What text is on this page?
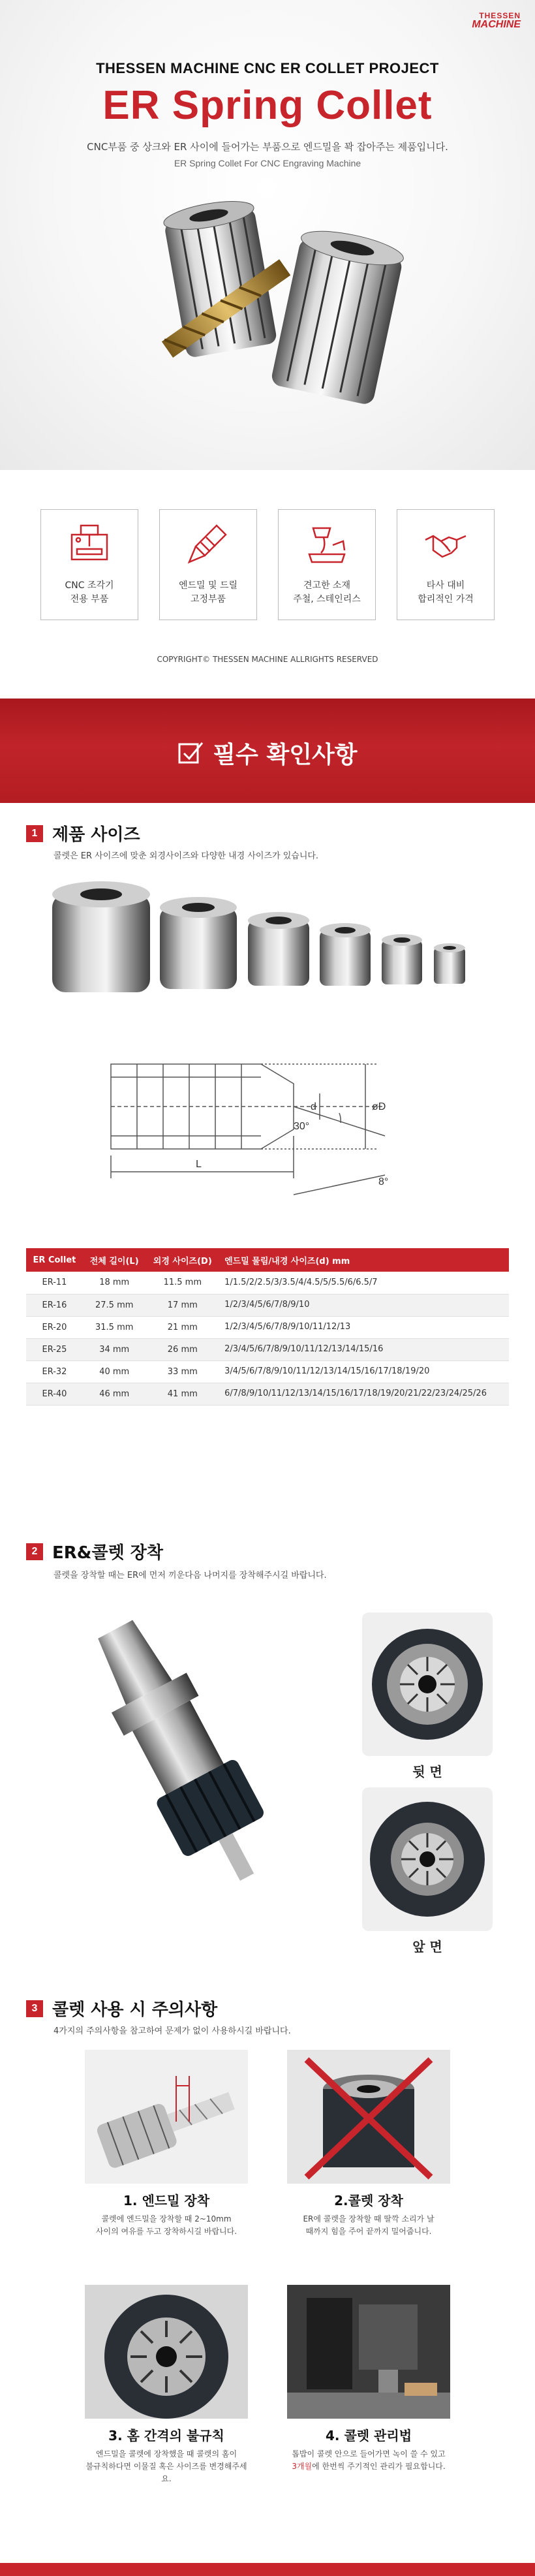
THESSEN
MACHINE
THESSEN MACHINE CNC ER COLLET PROJECT
ER Spring Collet
CNC부품 중 상크와 ER 사이에 들어가는 부품으로 엔드밀을 꽉 잡아주는 제품입니다.
ER Spring Collet For CNC Engraving Machine
CNC 조각기
전용 부품
엔드밀 및 드릴
고정부품
견고한 소재
주철, 스테인리스
타사 대비
합리적인 가격
COPYRIGHT© THESSEN MACHINE ALLRIGHTS RESERVED
필수 확인사항
1 제품 사이즈
콜렛은 ER 사이즈에 맞춘 외경사이즈와 다양한 내경 사이즈가 있습니다.
d	øD
30°
L
8°
ER Collet	전체 길이(L)	외경 사이즈(D)	엔드밀 물림/내경 사이즈(d) mm
ER-11	18 mm	11.5 mm	1/1.5/2/2.5/3/3.5/4/4.5/5/5.5/6/6.5/7
ER-16	27.5 mm	17 mm	1/2/3/4/5/6/7/8/9/10
ER-20	31.5 mm	21 mm	1/2/3/4/5/6/7/8/9/10/11/12/13
ER-25	34 mm	26 mm	2/3/4/5/6/7/8/9/10/11/12/13/14/15/16
ER-32	40 mm	33 mm	3/4/5/6/7/8/9/10/11/12/13/14/15/16/17/18/19/20
ER-40	46 mm	41 mm	6/7/8/9/10/11/12/13/14/15/16/17/18/19/20/21/22/23/24/25/26
2 ER&콜렛 장착
콜렛을 장착할 때는 ER에 먼저 끼운다음 나머지를 장착해주시길 바랍니다.
뒷 면
앞 면
3 콜렛 사용 시 주의사항
4가지의 주의사항을 참고하여 문제가 없이 사용하시길 바랍니다.
1. 엔드밀 장착
콜렛에 엔드밀을 장착할 때 2~10mm
사이의 여유를 두고 장착하시길 바랍니다.
2.콜렛 장착
ER에 콜렛을 장착할 때 딸깍 소리가 날
때까지 힘을 주어 끝까지 밀어줍니다.
3. 홈 간격의 불규칙
엔드밀을 콜렛에 장착했을 때 콜렛의 홈이
불규칙하다면 이물질 혹은 사이즈를 변경해주세요.
4. 콜렛 관리법
톱밥이 콜렛 안으로 들어가면 녹이 쓸 수 있고
3개월에 한번씩 주기적인 관리가 필요합니다.
